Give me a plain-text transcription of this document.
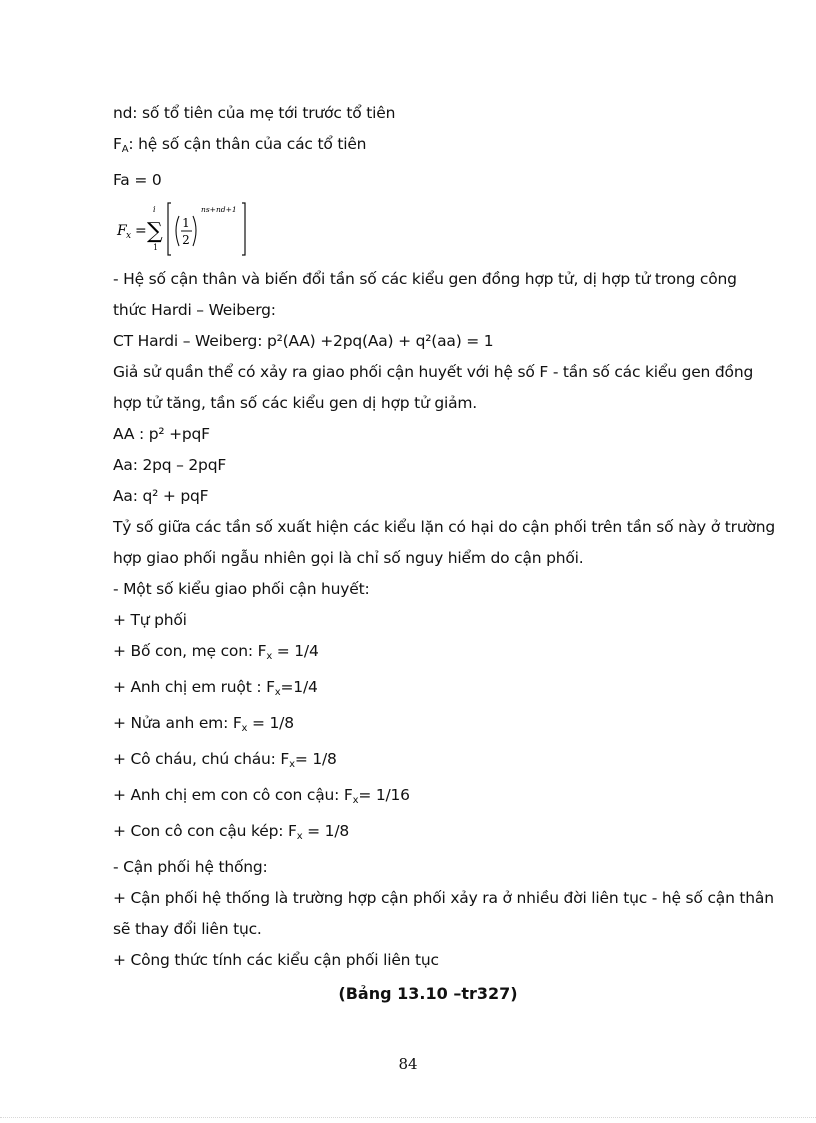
nd: số tổ tiên của mẹ tới trước tổ tiên
$F_A$: hệ số cận thân của các tổ tiên
Fa = 0
F x =
i
∑
1
1
2
ns+nd+1
- Hệ số cận thân và biến đổi tần số các kiểu gen đồng hợp tử, dị hợp tử trong công
thức Hardi – Weiberg:
CT Hardi – Weiberg: p²(AA) +2pq(Aa) + q²(aa) = 1
Giả sử quần thể có xảy ra giao phối cận huyết với hệ số F - tần số các kiểu gen đồng
hợp tử tăng, tần số các kiểu gen dị hợp tử giảm.
AA : p² +pqF
Aa: 2pq – 2pqF
Aa: q² + pqF
Tỷ số giữa các tần số xuất hiện các kiểu lặn có hại do cận phối trên tần số này ở trường
hợp giao phối ngẫu nhiên gọi là chỉ số nguy hiểm do cận phối.
- Một số kiểu giao phối cận huyết:
+ Tự phối
+ Bố con, mẹ con: $F_x = 1/4$
+ Anh chị em ruột : $F_x=1/4$
+ Nửa anh em: $F_x = 1/8$
+ Cô cháu, chú cháu: $F_x= 1/8$
+ Anh chị em con cô con cậu: $F_x= 1/16$
+ Con cô con cậu kép: $F_x = 1/8$
- Cận phối hệ thống:
+ Cận phối hệ thống là trường hợp cận phối xảy ra ở nhiều đời liên tục - hệ số cận thân
sẽ thay đổi liên tục.
+ Công thức tính các kiểu cận phối liên tục
(Bảng 13.10 –tr327)
84
